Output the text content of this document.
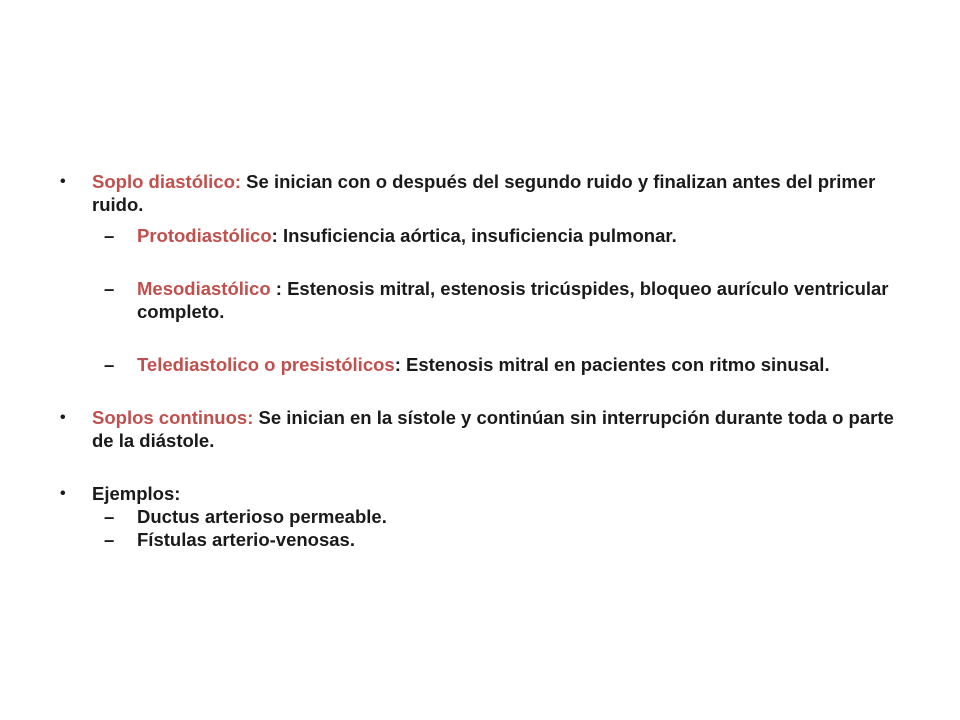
• Soplo diastólico: Se inician con o después del segundo ruido y finalizan antes del primer ruido.

– Protodiastólico: Insuficiencia aórtica, insuficiencia pulmonar.

– Mesodiastólico : Estenosis mitral, estenosis tricúspides, bloqueo aurículo ventricular completo.

– Telediastolico o presistólicos: Estenosis mitral en pacientes con ritmo sinusal.

• Soplos continuos: Se inician en la sístole y continúan sin interrupción durante toda o parte de la diástole.

• Ejemplos:

– Ductus arterioso permeable.

– Fístulas arterio-venosas.
